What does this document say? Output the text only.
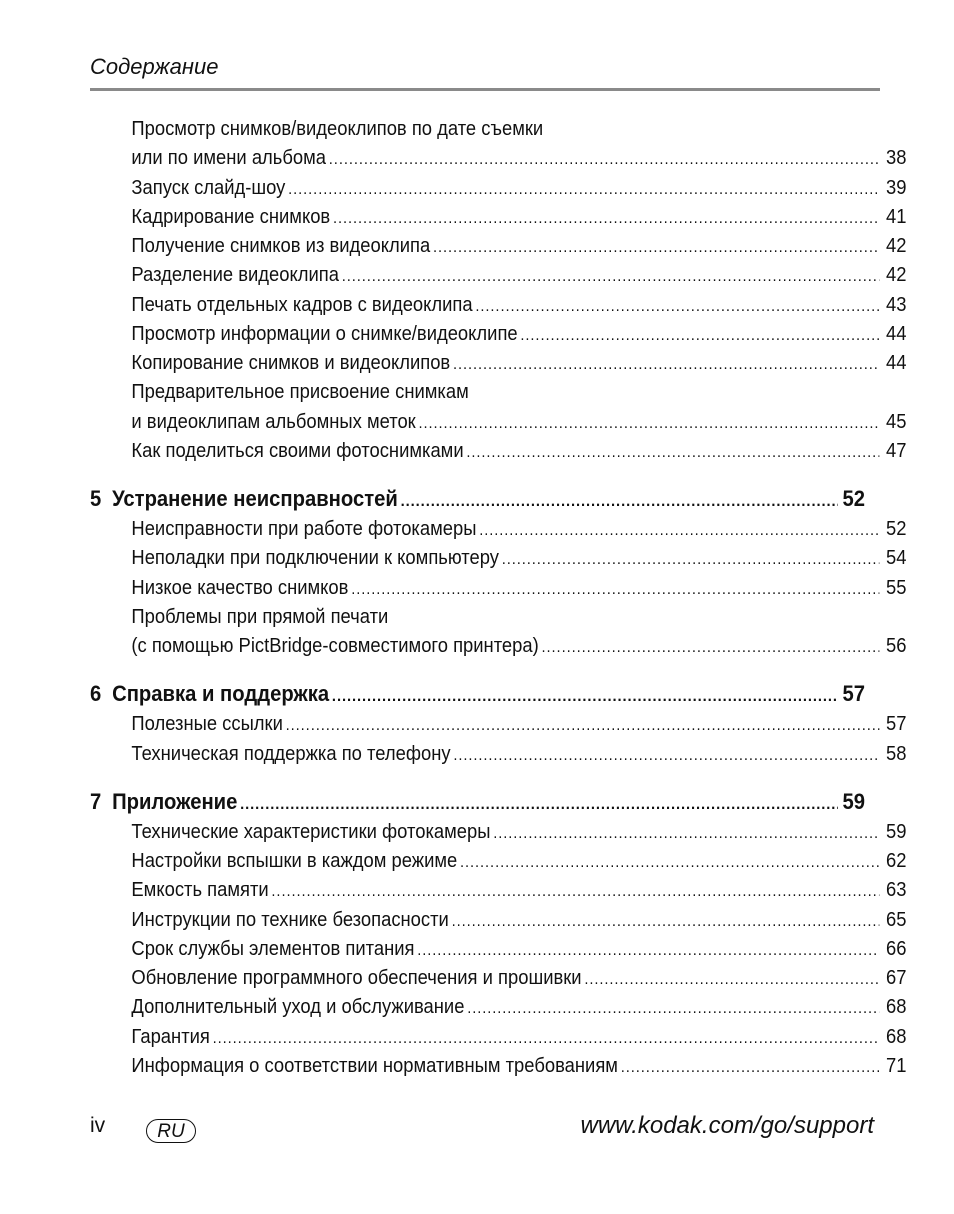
Содержание
Просмотр снимков/видеоклипов по дате съемки
или по имени альбома .....	38
Запуск слайд-шоу .....	39
Кадрирование снимков .....	41
Получение снимков из видеоклипа .....	42
Разделение видеоклипа .....	42
Печать отдельных кадров с видеоклипа .....	43
Просмотр информации о снимке/видеоклипе .....	44
Копирование снимков и видеоклипов .....	44
Предварительное присвоение снимкам
и видеоклипам альбомных меток .....	45
Как поделиться своими фотоснимками .....	47
5 Устранение неисправностей .....	52
Неисправности при работе фотокамеры .....	52
Неполадки при подключении к компьютеру .....	54
Низкое качество снимков .....	55
Проблемы при прямой печати
(с помощью PictBridge-совместимого принтера) .....	56
6 Справка и поддержка .....	57
Полезные ссылки .....	57
Техническая поддержка по телефону .....	58
7 Приложение .....	59
Технические характеристики фотокамеры .....	59
Настройки вспышки в каждом режиме .....	62
Емкость памяти .....	63
Инструкции по технике безопасности .....	65
Срок службы элементов питания .....	66
Обновление программного обеспечения и прошивки .....	67
Дополнительный уход и обслуживание .....	68
Гарантия .....	68
Информация о соответствии нормативным требованиям .....	71
iv	RU	www.kodak.com/go/support
